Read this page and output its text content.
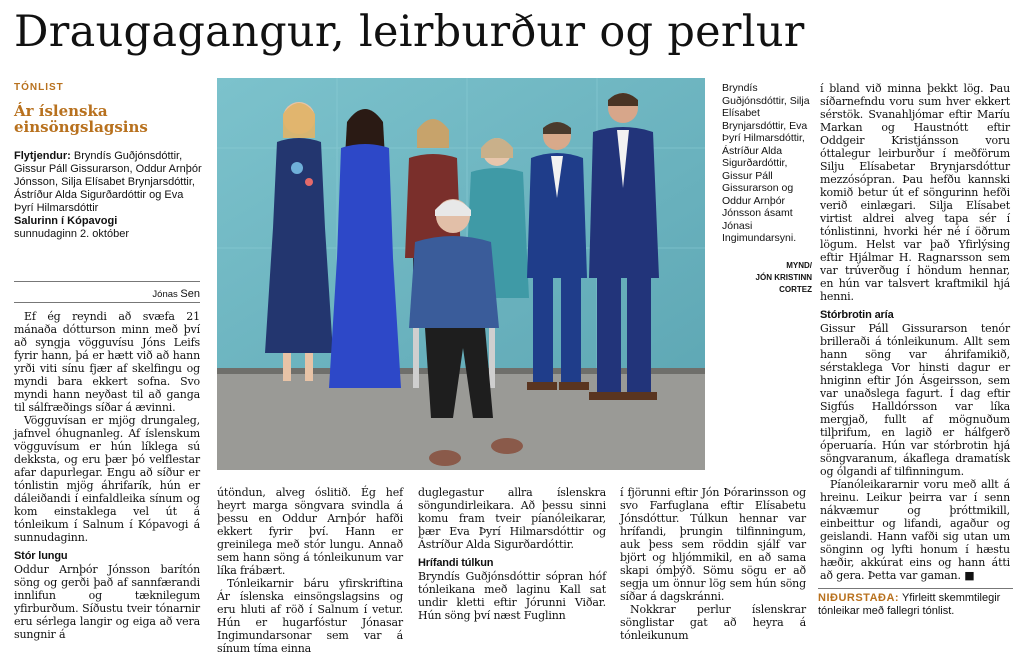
Draugagangur, leirburður og perlur
TÓNLIST
Ár íslenska einsöngslagsins
Flytjendur: Bryndís Guðjónsdóttir, Gissur Páll Gissurarson, Oddur Arnþór Jónsson, Silja Elísabet Brynjarsdóttir, Ástríður Alda Sigurðardóttir og Eva Þyrí Hilmarsdóttir
Salurinn í Kópavogi
sunnudaginn 2. október
Jónas Sen

Ef ég reyndi að svæfa 21 mánaða dótturson minn með því að syngja vögguvísu Jóns Leifs fyrir hann, þá er hætt við að hann yrði viti sínu fjær af skelfingu og myndi bara ekkert sofna. Svo myndi hann neyðast til að ganga til sálfræðings síðar á ævinni.

Vögguvísan er mjög drungaleg, jafnvel óhugnanleg. Af íslenskum vögguvísum er hún líklega sú dekksta, og eru þær þó velflestar afar dapurlegar. Engu að síður er tónlistin mjög áhrifarík, hún er dáleiðandi í einfaldleika sínum og kom einstaklega vel út á tónleikum í Salnum í Kópavogi á sunnudaginn.

Stór lungu

Oddur Arnþór Jónsson barítón söng og gerði það af sannfærandi innlifun og tæknilegum yfirburðum. Síðustu tveir tónarnir eru sérlega langir og eiga að vera sungnir á

Bryndís Guðjónsdóttir, Silja Elísabet Brynjarsdóttir, Eva Þyrí Hilmarsdóttir, Ástríður Alda Sigurðardóttir, Gissur Páll Gissurarson og Oddur Arnþór Jónsson ásamt Jónasi Ingimundarsyni.
MYND/
JÓN KRISTINN CORTEZ

útöndun, alveg óslitið. Ég hef heyrt marga söngvara svindla á þessu en Oddur Arnþór hafði ekkert fyrir því. Hann er greinilega með stór lungu. Annað sem hann söng á tónleikunum var líka frábært.

Tónleikarnir báru yfirskriftina Ár íslenska einsöngslagsins og eru hluti af röð í Salnum í vetur. Hún er hugarfóstur Jónasar Ingimundarsonar sem var á sínum tíma einna

duglegastur allra íslenskra söngundirleikara. Að þessu sinni komu fram tveir píanóleikarar, þær Eva Þyrí Hilmarsdóttir og Ástríður Alda Sigurðardóttir.

Hrífandi túlkun

Bryndís Guðjónsdóttir sópran hóf tónleikana með laginu Kall sat undir kletti eftir Jórunni Viðar. Hún söng því næst Fuglinn

í fjörunni eftir Jón Þórarinsson og svo Farfuglana eftir Elísabetu Jónsdóttur. Túlkun hennar var hrífandi, þrungin tilfinningum, auk þess sem röddin sjálf var björt og hljómmikil, en að sama skapi ómþýð. Sömu sögu er að segja um önnur lög sem hún söng síðar á dagskránni.

Nokkrar perlur íslenskrar sönglistar gat að heyra á tónleikunum

í bland við minna þekkt lög. Þau síðarnefndu voru sum hver ekkert sérstök. Svanahljómar eftir Maríu Markan og Haustnótt eftir Oddgeir Kristjánsson voru óttalegur leirburður í meðförum Silju Elísabetar Brynjarsdóttur mezzósópran. Þau hefðu kannski komið betur út ef söngurinn hefði verið einlægari. Silja Elísabet virtist aldrei alveg tapa sér í tónlistinni, hvorki hér né í öðrum lögum. Helst var það Yfirlýsing eftir Hjálmar H. Ragnarsson sem var trúverðug í höndum hennar, en hún var talsvert kraftmikil hjá henni.

Stórbrotin aría

Gissur Páll Gissurarson tenór brilleraði á tónleikunum. Allt sem hann söng var áhrifamikið, sérstaklega Vor hinsti dagur er hniginn eftir Jón Ásgeirsson, sem var unaðslega fagurt. Í dag eftir Sigfús Halldórsson var líka mergjað, fullt af mögnuðum tilþrifum, en lagið er hálfgerð óperuaría. Hún var stórbrotin hjá söngvaranum, ákaflega dramatísk og ólgandi af tilfinningum.

Píanóleikararnir voru með allt á hreinu. Leikur þeirra var í senn nákvæmur og þróttmikill, einbeittur og lifandi, agaður og geislandi. Hann vafði sig utan um sönginn og lyfti honum í hæstu hæðir, akkúrat eins og hann átti að gera. Þetta var gaman. ■

NIÐURSTAÐA: Yfirleitt skemmtilegir tónleikar með fallegri tónlist.
